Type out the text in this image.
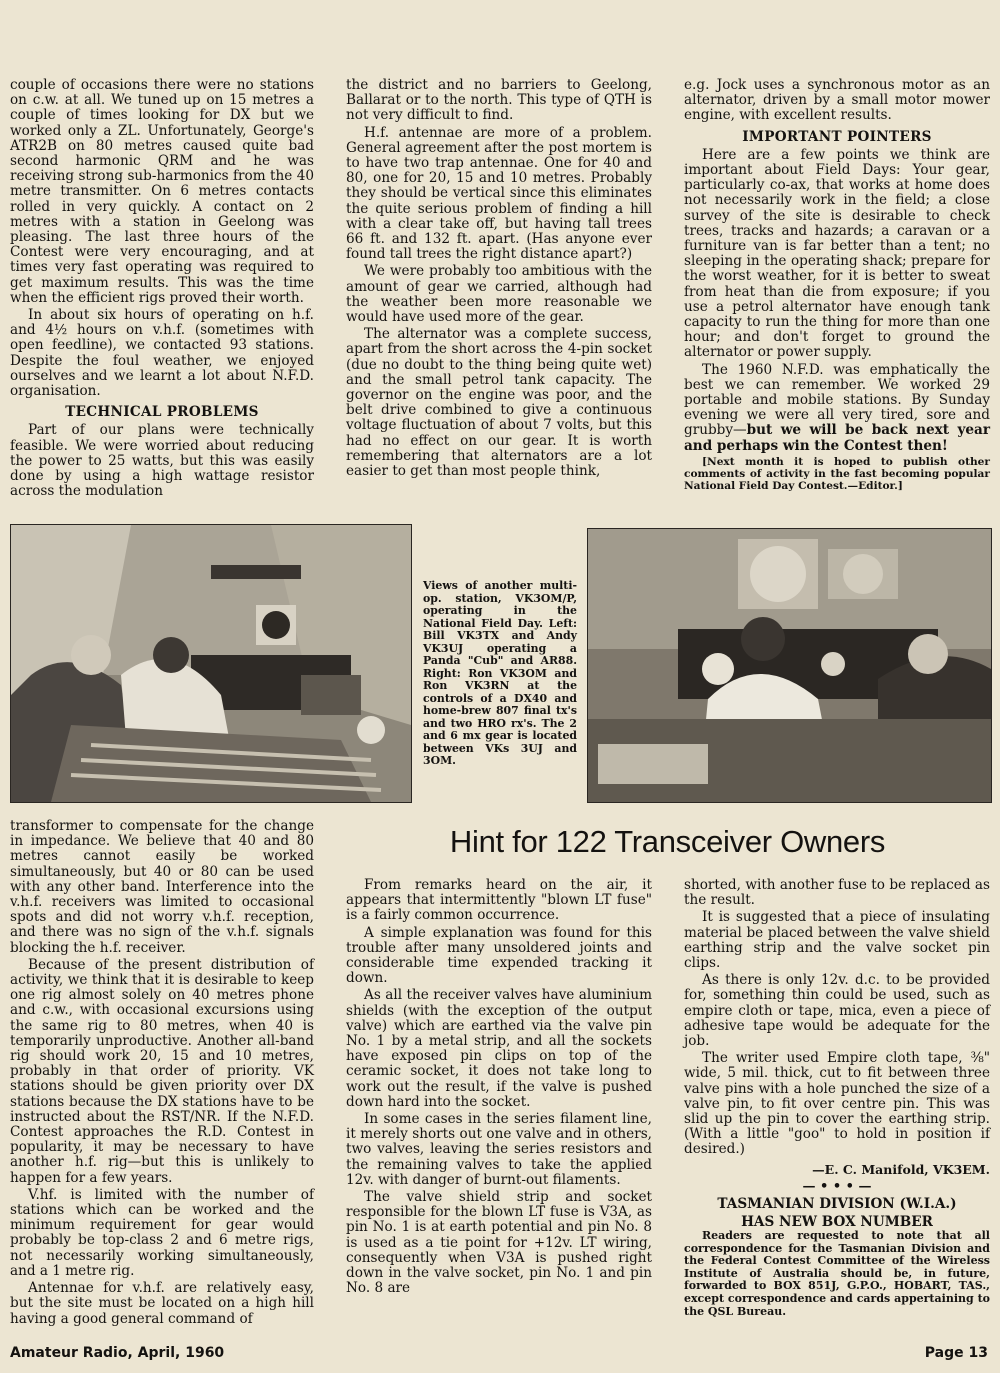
couple of occasions there were no stations on c.w. at all. We tuned up on 15 metres a couple of times looking for DX but we worked only a ZL. Unfortunately, George's ATR2B on 80 metres caused quite bad second harmonic QRM and he was receiving strong sub-harmonics from the 40 metre transmitter. On 6 metres contacts rolled in very quickly. A contact on 2 metres with a station in Geelong was pleasing. The last three hours of the Contest were very encouraging, and at times very fast operating was required to get maximum results. This was the time when the efficient rigs proved their worth.

In about six hours of operating on h.f. and 4½ hours on v.h.f. (sometimes with open feedline), we contacted 93 stations. Despite the foul weather, we enjoyed ourselves and we learnt a lot about N.F.D. organisation.

TECHNICAL PROBLEMS

Part of our plans were technically feasible. We were worried about reducing the power to 25 watts, but this was easily done by using a high wattage resistor across the modulation

the district and no barriers to Geelong, Ballarat or to the north. This type of QTH is not very difficult to find.

H.f. antennae are more of a problem. General agreement after the post mortem is to have two trap antennae. One for 40 and 80, one for 20, 15 and 10 metres. Probably they should be vertical since this eliminates the quite serious problem of finding a hill with a clear take off, but having tall trees 66 ft. and 132 ft. apart. (Has anyone ever found tall trees the right distance apart?)

We were probably too ambitious with the amount of gear we carried, although had the weather been more reasonable we would have used more of the gear.

The alternator was a complete success, apart from the short across the 4-pin socket (due no doubt to the thing being quite wet) and the small petrol tank capacity. The governor on the engine was poor, and the belt drive combined to give a continuous voltage fluctuation of about 7 volts, but this had no effect on our gear. It is worth remembering that alternators are a lot easier to get than most people think,

e.g. Jock uses a synchronous motor as an alternator, driven by a small motor mower engine, with excellent results.

IMPORTANT POINTERS

Here are a few points we think are important about Field Days: Your gear, particularly co-ax, that works at home does not necessarily work in the field; a close survey of the site is desirable to check trees, tracks and hazards; a caravan or a furniture van is far better than a tent; no sleeping in the operating shack; prepare for the worst weather, for it is better to sweat from heat than die from exposure; if you use a petrol alternator have enough tank capacity to run the thing for more than one hour; and don't forget to ground the alternator or power supply.

The 1960 N.F.D. was emphatically the best we can remember. We worked 29 portable and mobile stations. By Sunday evening we were all very tired, sore and grubby—but we will be back next year and perhaps win the Contest then!

[Next month it is hoped to publish other comments of activity in the fast becoming popular National Field Day Contest.—Editor.]

Views of another multi-op. station, VK3OM/P, operating in the National Field Day. Left: Bill VK3TX and Andy VK3UJ operating a Panda "Cub" and AR88. Right: Ron VK3OM and Ron VK3RN at the controls of a DX40 and home-brew 807 final tx's and two HRO rx's. The 2 and 6 mx gear is located between VKs 3UJ and 3OM.

transformer to compensate for the change in impedance. We believe that 40 and 80 metres cannot easily be worked simultaneously, but 40 or 80 can be used with any other band. Interference into the v.h.f. receivers was limited to occasional spots and did not worry v.h.f. reception, and there was no sign of the v.h.f. signals blocking the h.f. receiver.

Because of the present distribution of activity, we think that it is desirable to keep one rig almost solely on 40 metres phone and c.w., with occasional excursions using the same rig to 80 metres, when 40 is temporarily unproductive. Another all-band rig should work 20, 15 and 10 metres, probably in that order of priority. VK stations should be given priority over DX stations because the DX stations have to be instructed about the RST/NR. If the N.F.D. Contest approaches the R.D. Contest in popularity, it may be necessary to have another h.f. rig—but this is unlikely to happen for a few years.

V.hf. is limited with the number of stations which can be worked and the minimum requirement for gear would probably be top-class 2 and 6 metre rigs, not necessarily working simultaneously, and a 1 metre rig.

Antennae for v.h.f. are relatively easy, but the site must be located on a high hill having a good general command of

Hint for 122 Transceiver Owners

From remarks heard on the air, it appears that intermittently "blown LT fuse" is a fairly common occurrence.

A simple explanation was found for this trouble after many unsoldered joints and considerable time expended tracking it down.

As all the receiver valves have aluminium shields (with the exception of the output valve) which are earthed via the valve pin No. 1 by a metal strip, and all the sockets have exposed pin clips on top of the ceramic socket, it does not take long to work out the result, if the valve is pushed down hard into the socket.

In some cases in the series filament line, it merely shorts out one valve and in others, two valves, leaving the series resistors and the remaining valves to take the applied 12v. with danger of burnt-out filaments.

The valve shield strip and socket responsible for the blown LT fuse is V3A, as pin No. 1 is at earth potential and pin No. 8 is used as a tie point for +12v. LT wiring, consequently when V3A is pushed right down in the valve socket, pin No. 1 and pin No. 8 are

shorted, with another fuse to be replaced as the result.

It is suggested that a piece of insulating material be placed between the valve shield earthing strip and the valve socket pin clips.

As there is only 12v. d.c. to be provided for, something thin could be used, such as empire cloth or tape, mica, even a piece of adhesive tape would be adequate for the job.

The writer used Empire cloth tape, ⅜" wide, 5 mil. thick, cut to fit between three valve pins with a hole punched the size of a valve pin, to fit over centre pin. This was slid up the pin to cover the earthing strip. (With a little "goo" to hold in position if desired.)

—E. C. Manifold, VK3EM.
— • • • —
TASMANIAN DIVISION (W.I.A.)
HAS NEW BOX NUMBER

Readers are requested to note that all correspondence for the Tasmanian Division and the Federal Contest Committee of the Wireless Institute of Australia should be, in future, forwarded to BOX 851J, G.P.O., HOBART, TAS., except correspondence and cards appertaining to the QSL Bureau.

Amateur Radio, April, 1960	Page 13
